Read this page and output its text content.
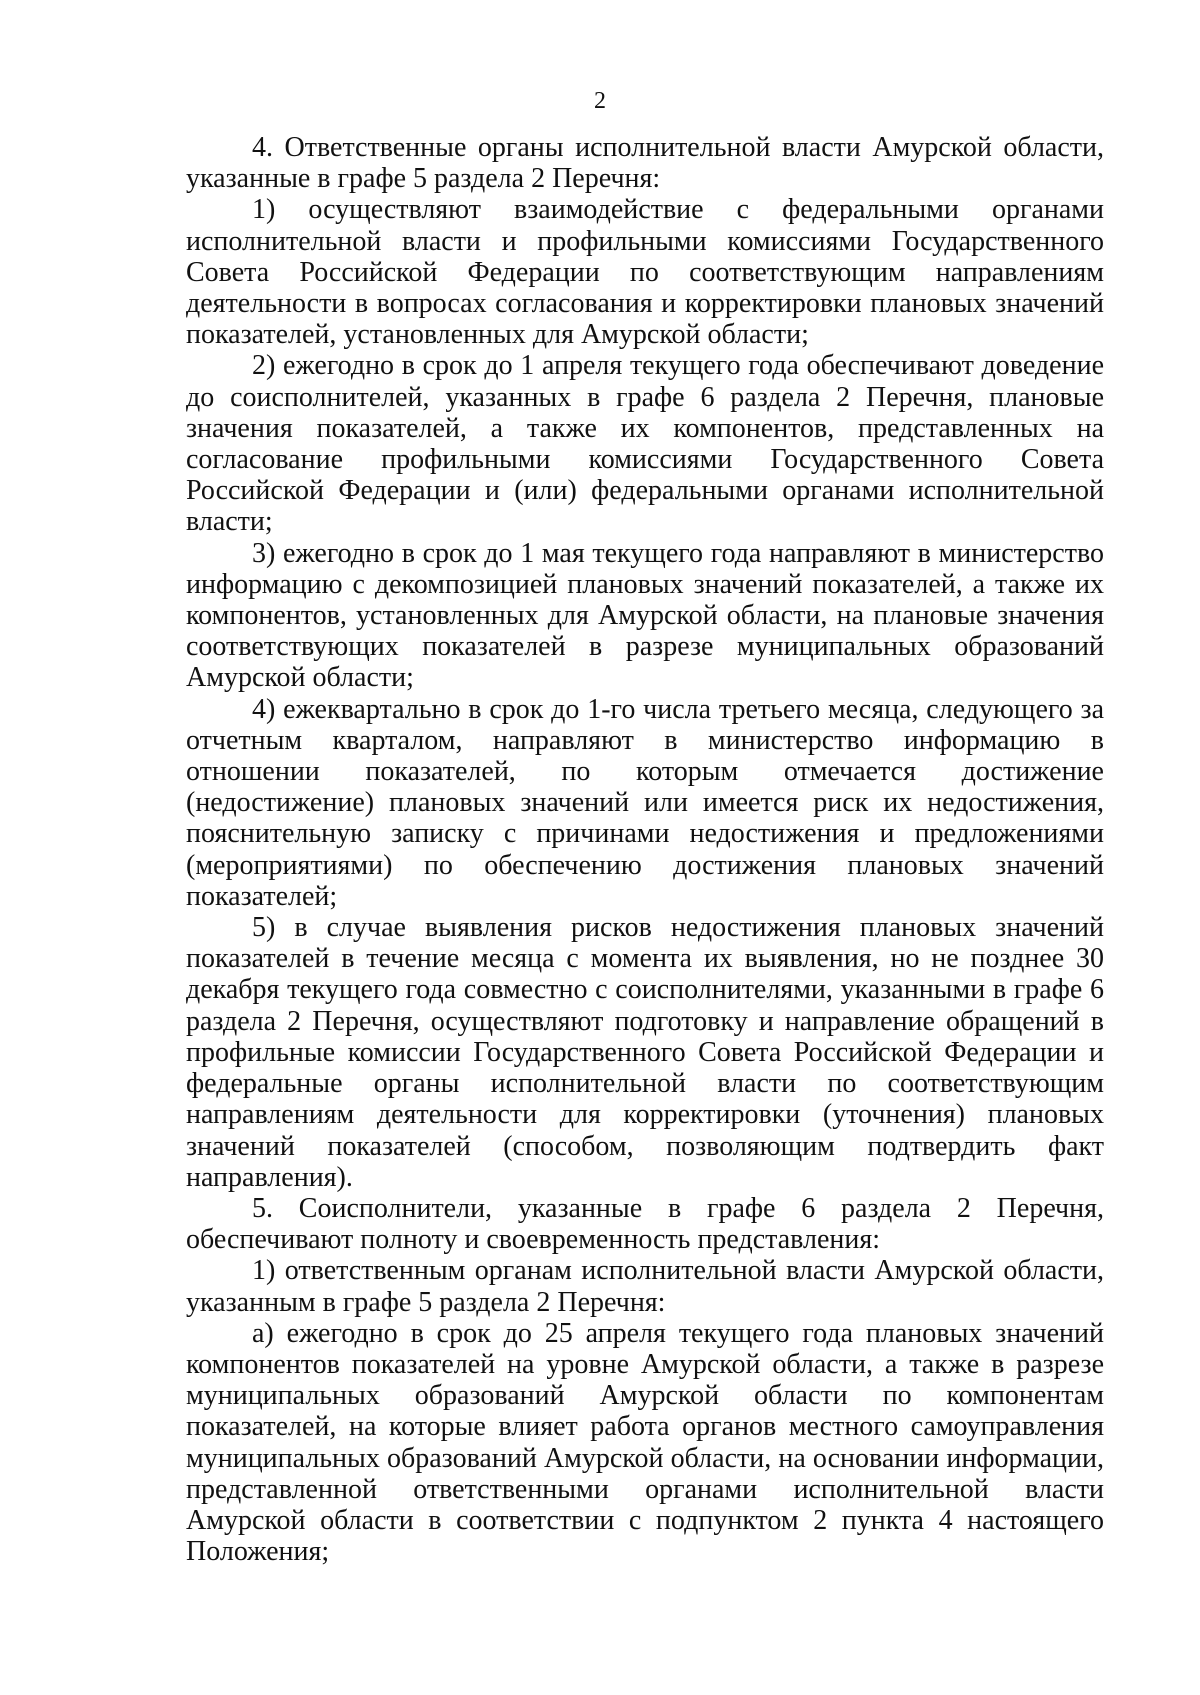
2

4. Ответственные органы исполнительной власти Амурской области, указанные в графе 5 раздела 2 Перечня:

1) осуществляют взаимодействие с федеральными органами исполнительной власти и профильными комиссиями Государственного Совета Российской Федерации по соответствующим направлениям деятельности в вопросах согласования и корректировки плановых значений показателей, установленных для Амурской области;

2) ежегодно в срок до 1 апреля текущего года обеспечивают доведение до соисполнителей, указанных в графе 6 раздела 2 Перечня, плановые значения показателей, а также их компонентов, представленных на согласование профильными комиссиями Государственного Совета Российской Федерации и (или) федеральными органами исполнительной власти;

3) ежегодно в срок до 1 мая текущего года направляют в министерство информацию с декомпозицией плановых значений показателей, а также их компонентов, установленных для Амурской области, на плановые значения соответствующих показателей в разрезе муниципальных образований Амурской области;

4) ежеквартально в срок до 1-го числа третьего месяца, следующего за отчетным кварталом, направляют в министерство информацию в отношении показателей, по которым отмечается достижение (недостижение) плановых значений или имеется риск их недостижения, пояснительную записку с причинами недостижения и предложениями (мероприятиями) по обеспечению достижения плановых значений показателей;

5) в случае выявления рисков недостижения плановых значений показателей в течение месяца с момента их выявления, но не позднее 30 декабря текущего года совместно с соисполнителями, указанными в графе 6 раздела 2 Перечня, осуществляют подготовку и направление обращений в профильные комиссии Государственного Совета Российской Федерации и федеральные органы исполнительной власти по соответствующим направлениям деятельности для корректировки (уточнения) плановых значений показателей (способом, позволяющим подтвердить факт направления).

5. Соисполнители, указанные в графе 6 раздела 2 Перечня, обеспечивают полноту и своевременность представления:

1) ответственным органам исполнительной власти Амурской области, указанным в графе 5 раздела 2 Перечня:

а) ежегодно в срок до 25 апреля текущего года плановых значений компонентов показателей на уровне Амурской области, а также в разрезе муниципальных образований Амурской области по компонентам показателей, на которые влияет работа органов местного самоуправления муниципальных образований Амурской области, на основании информации, представленной ответственными органами исполнительной власти Амурской области в соответствии с подпунктом 2 пункта 4 настоящего Положения;
